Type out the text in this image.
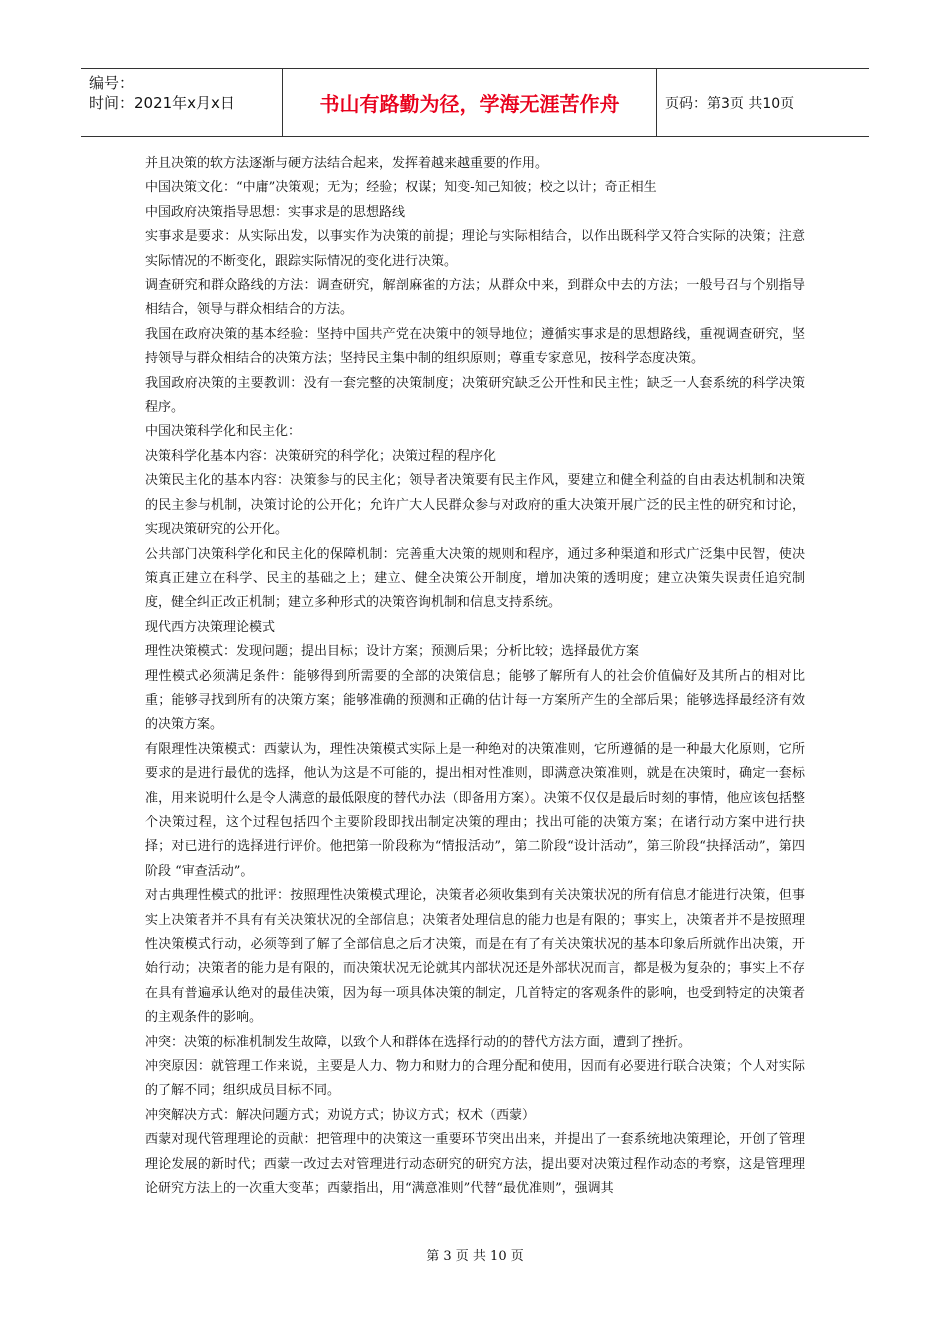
编号：
时间：2021年x月x日	书山有路勤为径，学海无涯苦作舟	页码：第3页 共10页

并且决策的软方法逐渐与硬方法结合起来，发挥着越来越重要的作用。

中国决策文化：“中庸”决策观；无为；经验；权谋；知变-知己知彼；校之以计；奇正相生

中国政府决策指导思想：实事求是的思想路线

实事求是要求：从实际出发，以事实作为决策的前提；理论与实际相结合，以作出既科学又符合实际的决策；注意实际情况的不断变化，跟踪实际情况的变化进行决策。

调查研究和群众路线的方法：调查研究，解剖麻雀的方法；从群众中来，到群众中去的方法；一般号召与个别指导相结合，领导与群众相结合的方法。

我国在政府决策的基本经验：坚持中国共产党在决策中的领导地位；遵循实事求是的思想路线，重视调查研究，坚持领导与群众相结合的决策方法；坚持民主集中制的组织原则；尊重专家意见，按科学态度决策。

我国政府决策的主要教训：没有一套完整的决策制度；决策研究缺乏公开性和民主性；缺乏一人套系统的科学决策程序。

中国决策科学化和民主化：

决策科学化基本内容：决策研究的科学化；决策过程的程序化

决策民主化的基本内容：决策参与的民主化；领导者决策要有民主作风，要建立和健全利益的自由表达机制和决策的民主参与机制，决策讨论的公开化；允许广大人民群众参与对政府的重大决策开展广泛的民主性的研究和讨论，实现决策研究的公开化。

公共部门决策科学化和民主化的保障机制：完善重大决策的规则和程序，通过多种渠道和形式广泛集中民智，使决策真正建立在科学、民主的基础之上；建立、健全决策公开制度，增加决策的透明度；建立决策失误责任追究制度，健全纠正改正机制；建立多种形式的决策咨询机制和信息支持系统。

现代西方决策理论模式

理性决策模式：发现问题；提出目标；设计方案；预测后果；分析比较；选择最优方案

理性模式必须满足条件：能够得到所需要的全部的决策信息；能够了解所有人的社会价值偏好及其所占的相对比重；能够寻找到所有的决策方案；能够准确的预测和正确的估计每一方案所产生的全部后果；能够选择最经济有效的决策方案。

有限理性决策模式：西蒙认为，理性决策模式实际上是一种绝对的决策准则，它所遵循的是一种最大化原则，它所要求的是进行最优的选择，他认为这是不可能的，提出相对性准则，即满意决策准则，就是在决策时，确定一套标准，用来说明什么是令人满意的最低限度的替代办法（即备用方案）。决策不仅仅是最后时刻的事情，他应该包括整个决策过程，这个过程包括四个主要阶段即找出制定决策的理由；找出可能的决策方案；在诸行动方案中进行抉择；对已进行的选择进行评价。他把第一阶段称为“情报活动”，第二阶段“设计活动”，第三阶段“抉择活动”，第四阶段 “审查活动”。

对古典理性模式的批评：按照理性决策模式理论，决策者必须收集到有关决策状况的所有信息才能进行决策，但事实上决策者并不具有有关决策状况的全部信息；决策者处理信息的能力也是有限的；事实上，决策者并不是按照理性决策模式行动，必须等到了解了全部信息之后才决策，而是在有了有关决策状况的基本印象后所就作出决策，开始行动；决策者的能力是有限的，而决策状况无论就其内部状况还是外部状况而言，都是极为复杂的；事实上不存在具有普遍承认绝对的最佳决策，因为每一项具体决策的制定，几首特定的客观条件的影响，也受到特定的决策者的主观条件的影响。

冲突：决策的标准机制发生故障，以致个人和群体在选择行动的的替代方法方面，遭到了挫折。

冲突原因：就管理工作来说，主要是人力、物力和财力的合理分配和使用，因而有必要进行联合决策；个人对实际的了解不同；组织成员目标不同。

冲突解决方式：解决问题方式；劝说方式；协议方式；权术（西蒙）

西蒙对现代管理理论的贡献：把管理中的决策这一重要环节突出出来，并提出了一套系统地决策理论，开创了管理理论发展的新时代；西蒙一改过去对管理进行动态研究的研究方法，提出要对决策过程作动态的考察，这是管理理论研究方法上的一次重大变革；西蒙指出，用“满意准则”代替“最优准则”，强调其

第 3 页 共 10 页
